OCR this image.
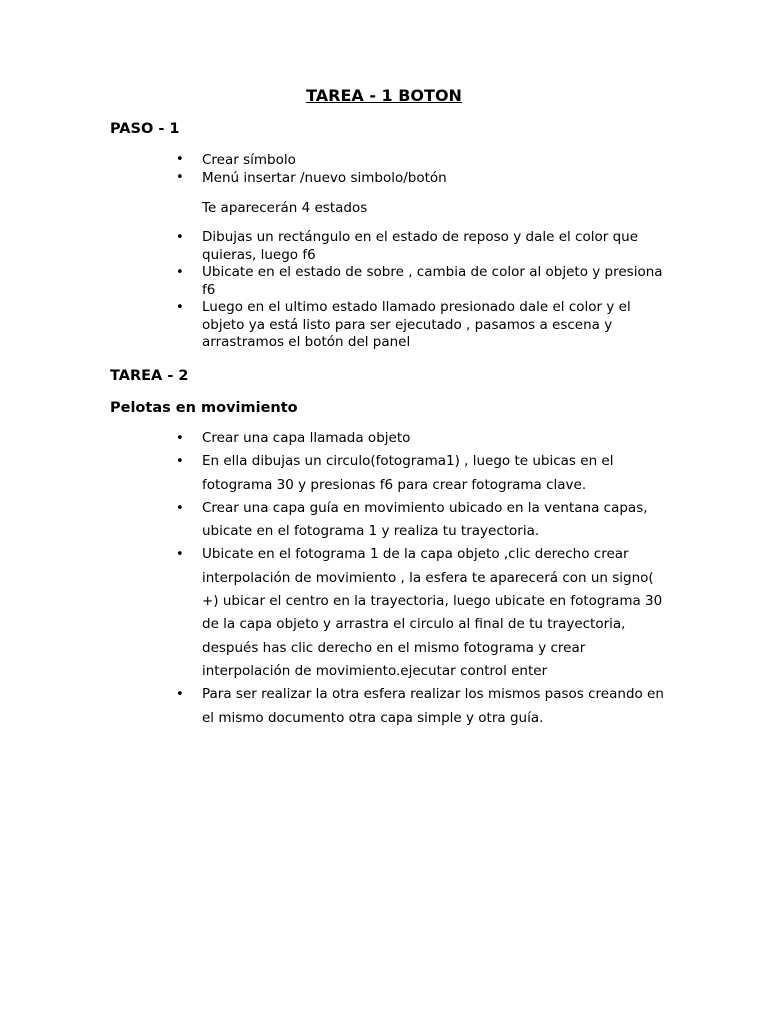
TAREA - 1 BOTON
PASO - 1
• Crear símbolo
• Menú insertar /nuevo simbolo/botón
Te aparecerán 4 estados
• Dibujas un rectángulo en el estado de reposo y dale el color que quieras, luego f6
• Ubicate en el estado de sobre , cambia de color al objeto y presiona f6
• Luego en el ultimo estado llamado presionado dale el color y el objeto ya está listo para ser ejecutado , pasamos a escena y arrastramos el botón del panel
TAREA - 2
Pelotas en movimiento
• Crear una capa llamada objeto
• En ella dibujas un circulo(fotograma1) , luego te ubicas en el fotograma 30 y presionas f6 para crear fotograma clave.
• Crear una capa guía en movimiento ubicado en la ventana capas, ubicate en el fotograma 1 y realiza tu trayectoria.
• Ubicate en el fotograma 1 de la capa objeto ,clic derecho crear interpolación de movimiento , la esfera te aparecerá con un signo( +) ubicar el centro en la trayectoria, luego ubicate en fotograma 30 de la capa objeto y arrastra el circulo al final de tu trayectoria, después has clic derecho en el mismo fotograma y crear interpolación de movimiento.ejecutar control enter
• Para ser realizar la otra esfera realizar los mismos pasos creando en el mismo documento otra capa simple y otra guía.
